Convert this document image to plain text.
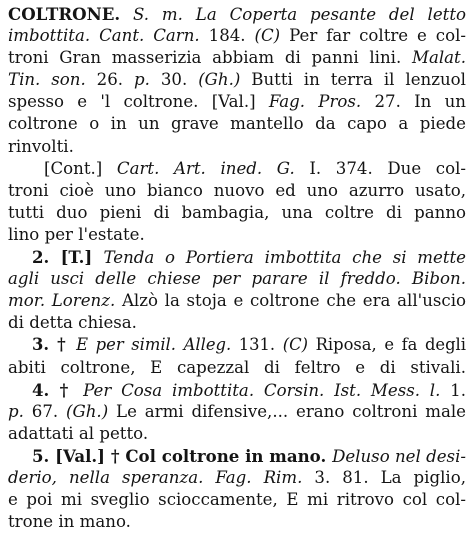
COLTRONE. S. m. La Coperta pesante del letto
imbottita. Cant. Carn. 184. (C) Per far coltre e col-
troni Gran masserizia abbiam di panni lini. Malat.
Tin. son. 26. p. 30. (Gh.) Butti in terra il lenzuol
spesso e 'l coltrone. [Val.] Fag. Pros. 27. In un
coltrone o in un grave mantello da capo a piede
rinvolti.
[Cont.] Cart. Art. ined. G. I. 374. Due col-
troni cioè uno bianco nuovo ed uno azurro usato,
tutti duo pieni di bambagia, una coltre di panno
lino per l'estate.
2. [T.] Tenda o Portiera imbottita che si mette
agli usci delle chiese per parare il freddo. Bibon.
mor. Lorenz. Alzò la stoja e coltrone che era all'uscio
di detta chiesa.
3. † E per simil. Alleg. 131. (C) Riposa, e fa degli
abiti coltrone, E capezzal di feltro e di stivali.
4. † Per Cosa imbottita. Corsin. Ist. Mess. l. 1.
p. 67. (Gh.) Le armi difensive,... erano coltroni male
adattati al petto.
5. [Val.] † Col coltrone in mano. Deluso nel desi-
derio, nella speranza. Fag. Rim. 3. 81. La piglio,
e poi mi sveglio scioccamente, E mi ritrovo col col-
trone in mano.
